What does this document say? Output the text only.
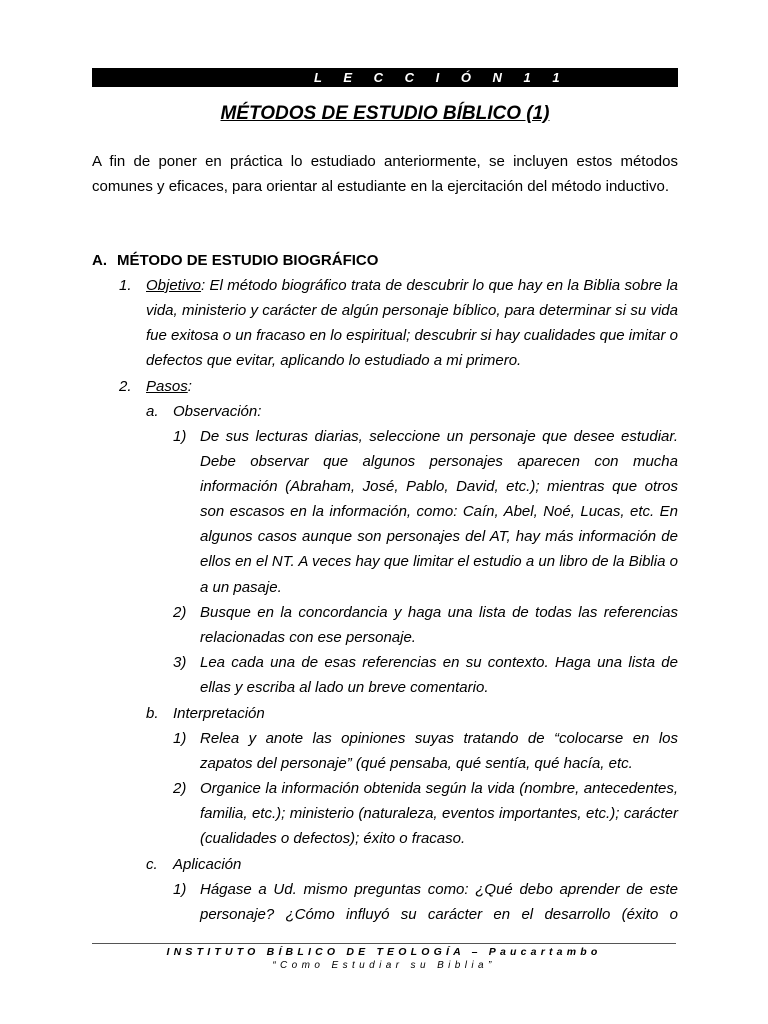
L E C C I Ó N 1 1
MÉTODOS DE ESTUDIO BÍBLICO (1)
A fin de poner en práctica lo estudiado anteriormente, se incluyen estos métodos comunes y eficaces, para orientar al estudiante en la ejercitación del método inductivo.
A. MÉTODO DE ESTUDIO BIOGRÁFICO
1. Objetivo: El método biográfico trata de descubrir lo que hay en la Biblia sobre la vida, ministerio y carácter de algún personaje bíblico, para determinar si su vida fue exitosa o un fracaso en lo espiritual; descubrir si hay cualidades que imitar o defectos que evitar, aplicando lo estudiado a mi primero.
2. Pasos:
a. Observación:
1) De sus lecturas diarias, seleccione un personaje que desee estudiar. Debe observar que algunos personajes aparecen con mucha información (Abraham, José, Pablo, David, etc.); mientras que otros son escasos en la información, como: Caín, Abel, Noé, Lucas, etc. En algunos casos aunque son personajes del AT, hay más información de ellos en el NT. A veces hay que limitar el estudio a un libro de la Biblia o a un pasaje.
2) Busque en la concordancia y haga una lista de todas las referencias relacionadas con ese personaje.
3) Lea cada una de esas referencias en su contexto. Haga una lista de ellas y escriba al lado un breve comentario.
b. Interpretación
1) Relea y anote las opiniones suyas tratando de “colocarse en los zapatos del personaje” (qué pensaba, qué sentía, qué hacía, etc.
2) Organice la información obtenida según la vida (nombre, antecedentes, familia, etc.); ministerio (naturaleza, eventos importantes, etc.); carácter (cualidades o defectos); éxito o fracaso.
c. Aplicación
1) Hágase a Ud. mismo preguntas como: ¿Qué debo aprender de este personaje? ¿Cómo influyó su carácter en el desarrollo (éxito o
INSTITUTO BÍBLICO DE TEOLOGÍA – Paucartambo
“Como Estudiar su Biblia”
